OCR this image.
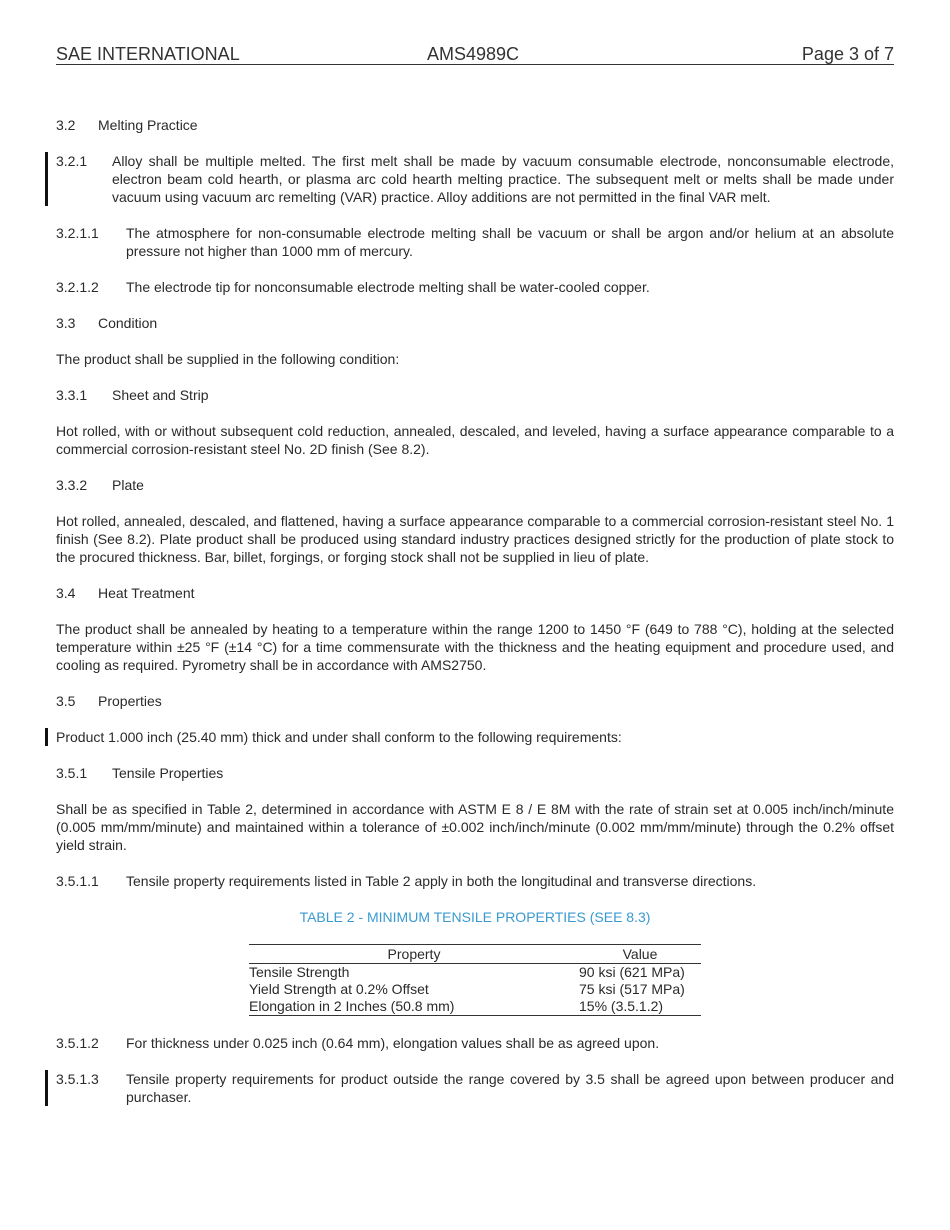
SAE INTERNATIONAL	AMS4989C	Page 3 of 7
3.2 Melting Practice
3.2.1 Alloy shall be multiple melted. The first melt shall be made by vacuum consumable electrode, nonconsumable electrode, electron beam cold hearth, or plasma arc cold hearth melting practice. The subsequent melt or melts shall be made under vacuum using vacuum arc remelting (VAR) practice. Alloy additions are not permitted in the final VAR melt.
3.2.1.1 The atmosphere for non-consumable electrode melting shall be vacuum or shall be argon and/or helium at an absolute pressure not higher than 1000 mm of mercury.
3.2.1.2 The electrode tip for nonconsumable electrode melting shall be water-cooled copper.
3.3 Condition
The product shall be supplied in the following condition:
3.3.1 Sheet and Strip
Hot rolled, with or without subsequent cold reduction, annealed, descaled, and leveled, having a surface appearance comparable to a commercial corrosion-resistant steel No. 2D finish (See 8.2).
3.3.2 Plate
Hot rolled, annealed, descaled, and flattened, having a surface appearance comparable to a commercial corrosion-resistant steel No. 1 finish (See 8.2). Plate product shall be produced using standard industry practices designed strictly for the production of plate stock to the procured thickness. Bar, billet, forgings, or forging stock shall not be supplied in lieu of plate.
3.4 Heat Treatment
The product shall be annealed by heating to a temperature within the range 1200 to 1450 °F (649 to 788 °C), holding at the selected temperature within ±25 °F (±14 °C) for a time commensurate with the thickness and the heating equipment and procedure used, and cooling as required. Pyrometry shall be in accordance with AMS2750.
3.5 Properties
Product 1.000 inch (25.40 mm) thick and under shall conform to the following requirements:
3.5.1 Tensile Properties
Shall be as specified in Table 2, determined in accordance with ASTM E 8 / E 8M with the rate of strain set at 0.005 inch/inch/minute (0.005 mm/mm/minute) and maintained within a tolerance of ±0.002 inch/inch/minute (0.002 mm/mm/minute) through the 0.2% offset yield strain.
3.5.1.1 Tensile property requirements listed in Table 2 apply in both the longitudinal and transverse directions.
TABLE 2 - MINIMUM TENSILE PROPERTIES (SEE 8.3)
Property	Value
Tensile Strength	90 ksi (621 MPa)
Yield Strength at 0.2% Offset	75 ksi (517 MPa)
Elongation in 2 Inches (50.8 mm)	15% (3.5.1.2)
3.5.1.2 For thickness under 0.025 inch (0.64 mm), elongation values shall be as agreed upon.
3.5.1.3 Tensile property requirements for product outside the range covered by 3.5 shall be agreed upon between producer and purchaser.
